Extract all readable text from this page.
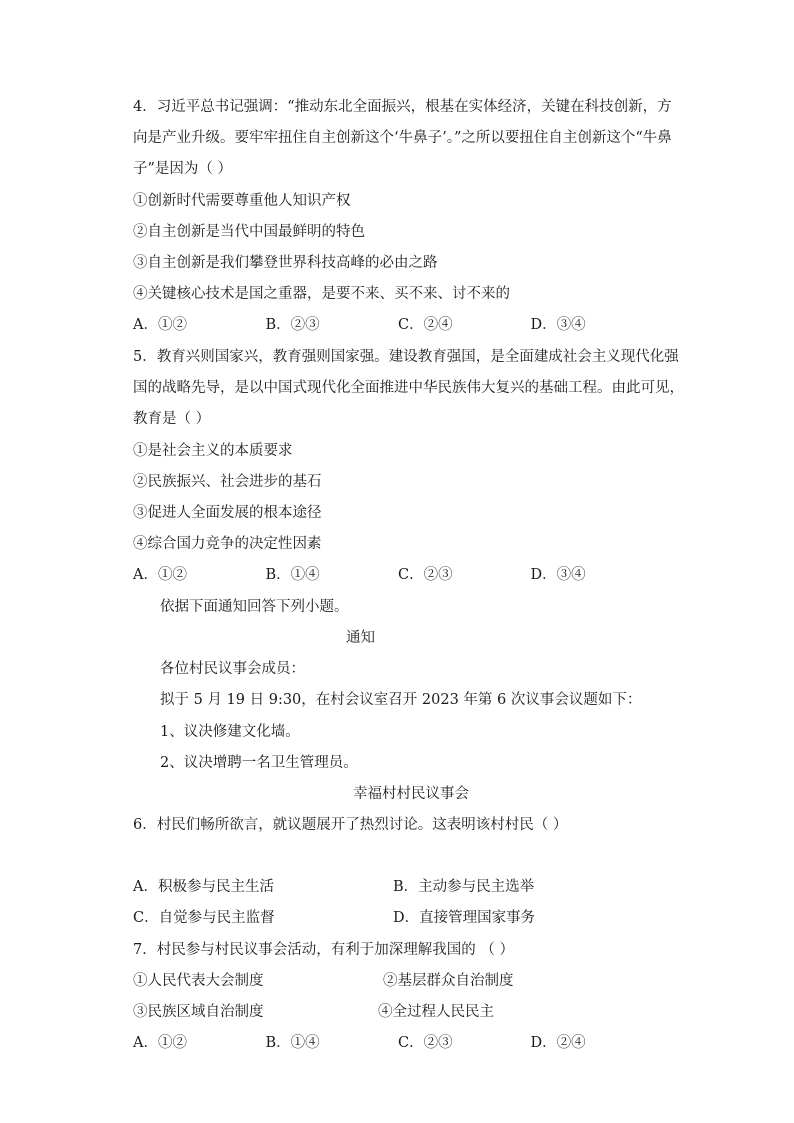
4．习近平总书记强调：“推动东北全面振兴，根基在实体经济，关键在科技创新，方
向是产业升级。要牢牢扭住自主创新这个‘牛鼻子’。”之所以要扭住自主创新这个“牛鼻
子”是因为（ ）
①创新时代需要尊重他人知识产权
②自主创新是当代中国最鲜明的特色
③自主创新是我们攀登世界科技高峰的必由之路
④关键核心技术是国之重器，是要不来、买不来、讨不来的
A．①②	B．②③	C．②④	D．③④
5．教育兴则国家兴，教育强则国家强。建设教育强国，是全面建成社会主义现代化强
国的战略先导，是以中国式现代化全面推进中华民族伟大复兴的基础工程。由此可见，
教育是（ ）
①是社会主义的本质要求
②民族振兴、社会进步的基石
③促进人全面发展的根本途径
④综合国力竞争的决定性因素
A．①②	B．①④	C．②③	D．③④
依据下面通知回答下列小题。
通知
各位村民议事会成员：
拟于 5 月 19 日 9:30，在村会议室召开 2023 年第 6 次议事会议题如下：
1、议决修建文化墙。
2、议决增聘一名卫生管理员。
幸福村村民议事会
6．村民们畅所欲言，就议题展开了热烈讨论。这表明该村村民（ ）
A．积极参与民主生活	B．主动参与民主选举
C．自觉参与民主监督	D．直接管理国家事务
7．村民参与村民议事会活动，有利于加深理解我国的 （ ）
①人民代表大会制度	②基层群众自治制度
③民族区域自治制度	④全过程人民民主
A．①②	B．①④	C．②③	D．②④
